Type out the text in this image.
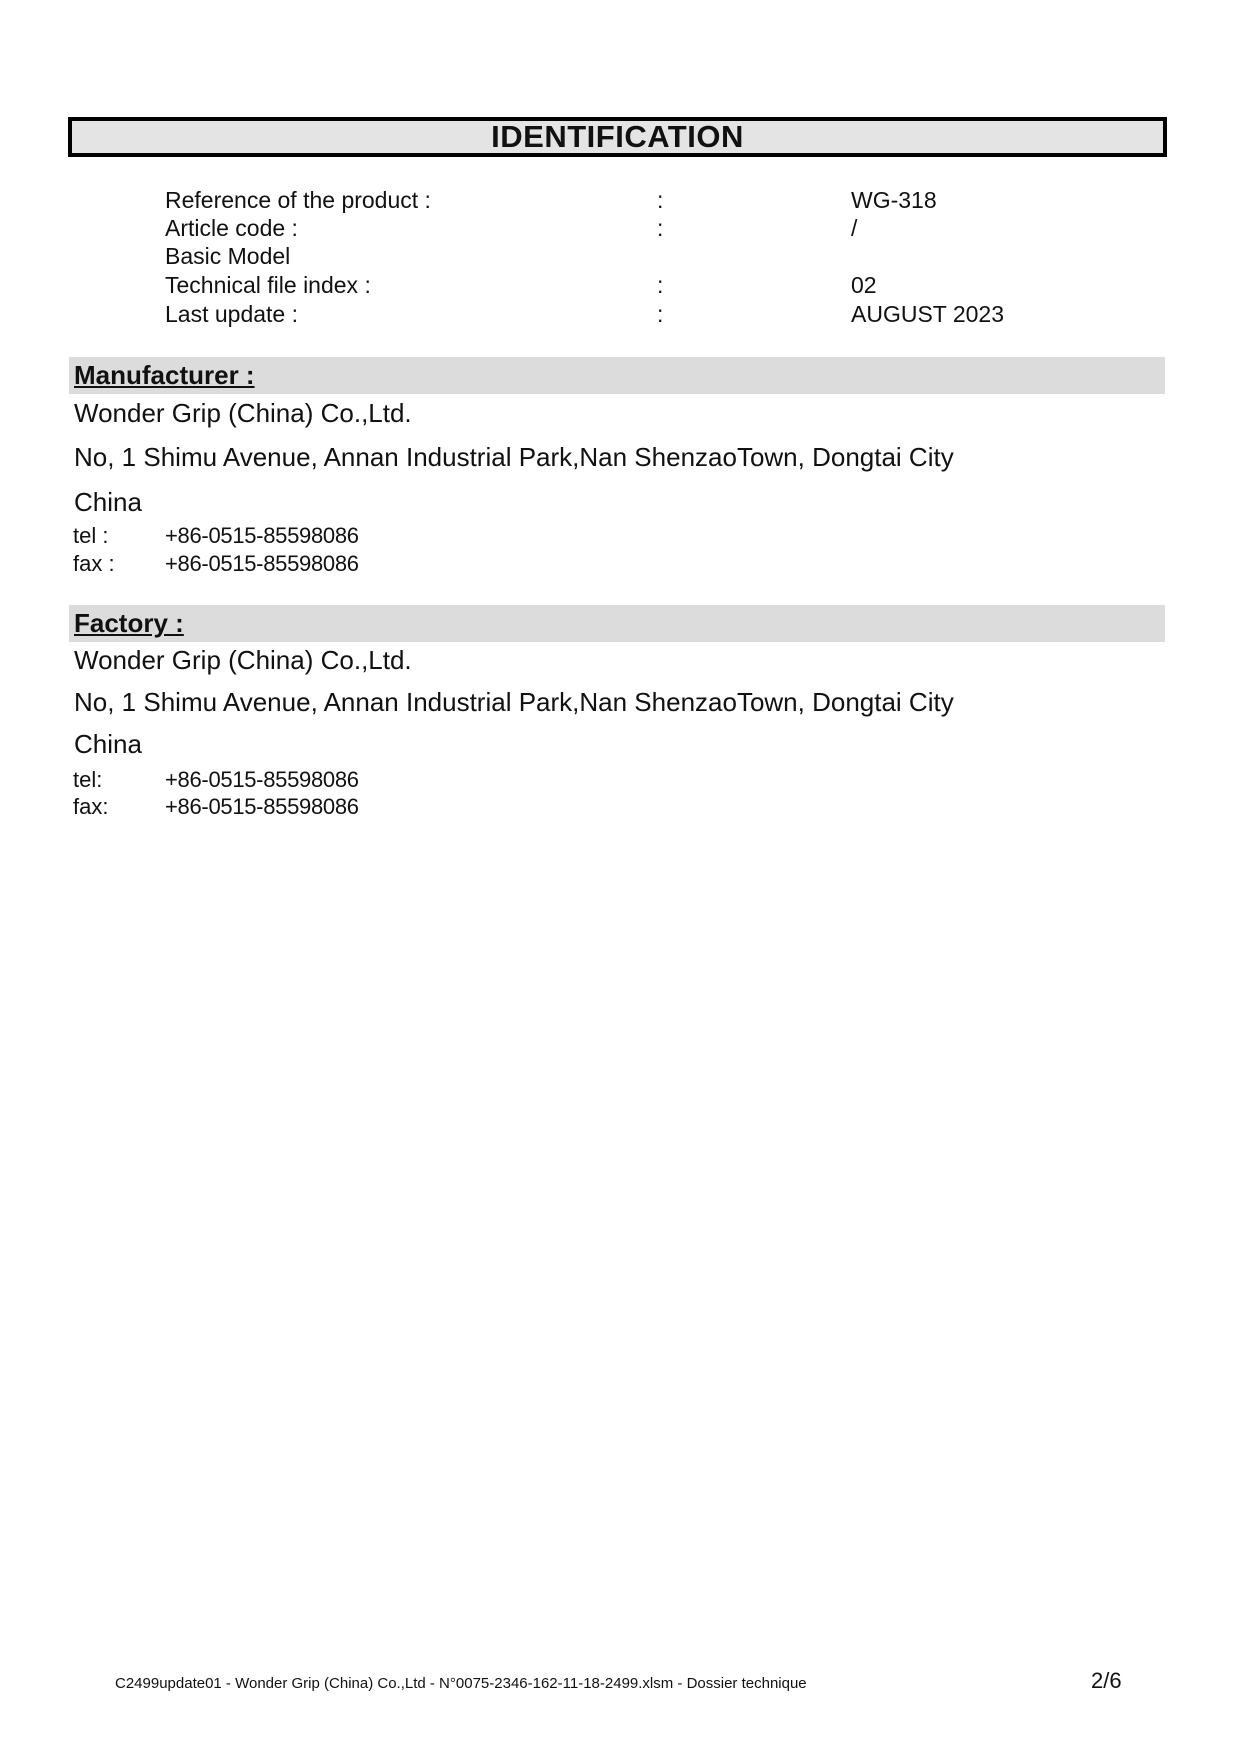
IDENTIFICATION
Reference of the product :	:	WG-318
Article code :	:	/
Basic Model
Technical file index :	:	02
Last update :	:	AUGUST 2023
Manufacturer :
Wonder Grip (China) Co.,Ltd.
No, 1 Shimu Avenue, Annan Industrial Park,Nan ShenzaoTown, Dongtai City
China
tel :	+86-0515-85598086
fax : +86-0515-85598086
Factory :
Wonder Grip (China) Co.,Ltd.
No, 1 Shimu Avenue, Annan Industrial Park,Nan ShenzaoTown, Dongtai City
China
tel:	+86-0515-85598086
fax:	+86-0515-85598086
C2499update01 - Wonder Grip (China) Co.,Ltd - N°0075-2346-162-11-18-2499.xlsm - Dossier technique	2/6
